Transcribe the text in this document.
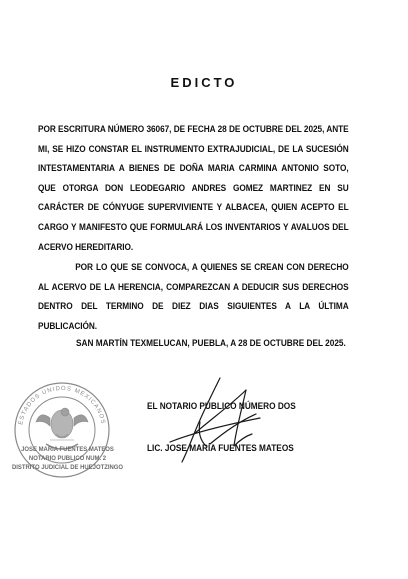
EDICTO
POR ESCRITURA NÚMERO 36067, DE FECHA 28 DE OCTUBRE DEL 2025, ANTE MI, SE HIZO CONSTAR EL INSTRUMENTO EXTRAJUDICIAL, DE LA SUCESIÓN INTESTAMENTARIA A BIENES DE DOÑA MARIA CARMINA ANTONIO SOTO, QUE OTORGA DON LEODEGARIO ANDRES GOMEZ MARTINEZ EN SU CARÁCTER DE CÓNYUGE SUPERVIVIENTE Y ALBACEA, QUIEN ACEPTO EL CARGO Y MANIFESTO QUE FORMULARÁ LOS INVENTARIOS Y AVALUOS DEL ACERVO HEREDITARIO.
POR LO QUE SE CONVOCA, A QUIENES SE CREAN CON DERECHO AL ACERVO DE LA HERENCIA, COMPAREZCAN A DEDUCIR SUS DERECHOS DENTRO DEL TERMINO DE DIEZ DIAS SIGUIENTES A LA ÚLTIMA PUBLICACIÓN.
SAN MARTÍN TEXMELUCAN, PUEBLA, A 28 DE OCTUBRE DEL 2025.
ESTADOS UNIDOS MEXICANOS
JOSE MARIA FUENTES MATEOS
NOTARIO PUBLICO NUM. 2
DISTRITO JUDICIAL DE HUEJOTZINGO
EL NOTARIO PÚBLICO NÚMERO DOS
LIC. JOSE MARÍA FUENTES MATEOS
